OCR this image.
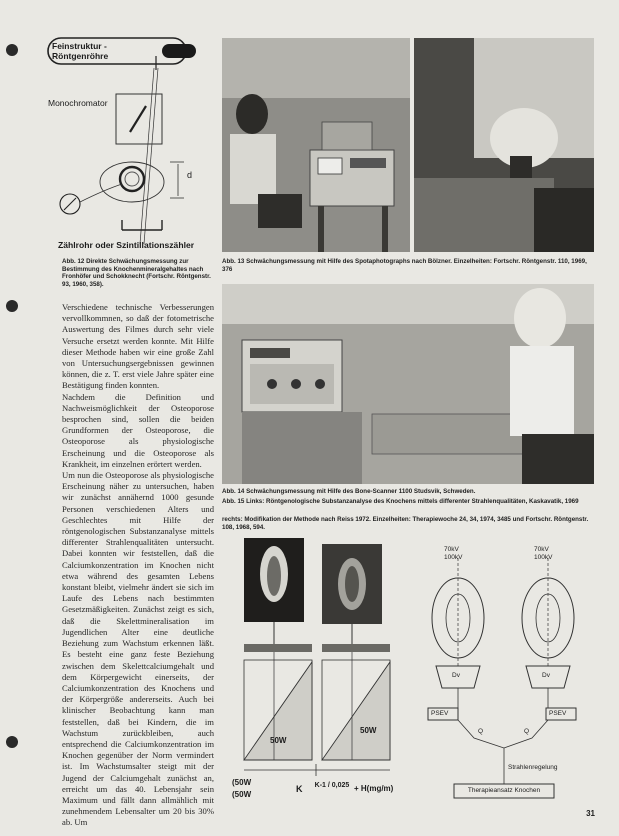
Feinstruktur -
Röntgenröhre
Monochromator
d
Zählrohr oder Szintillationszähler
Abb. 12 Direkte Schwächungsmessung zur Bestimmung des Knochenmineralgehaltes nach Fronhöfer und Schokknecht (Fortschr. Röntgenstr. 93, 1960, 358).
Abb. 13 Schwächungsmessung mit Hilfe des Spotaphotographs nach Bölzner. Einzelheiten: Fortschr. Röntgenstr. 110, 1969, 376
Abb. 14 Schwächungsmessung mit Hilfe des Bone-Scanner 1100 Studsvik, Schweden.
Abb. 15 Links: Röntgenologische Substanzanalyse des Knochens mittels differenter Strahlenqualitäten, Kaskavatik, 1969
rechts: Modifikation der Methode nach Reiss 1972. Einzelheiten: Therapiewoche 24, 34, 1974, 3485 und Fortschr. Röntgenstr. 108, 1968, 594.
50W
50W
(50W
(50W
K	K-1 / 0,025 + H(mg/m)
70kV
100kV
70kV
100kV
Dv	Dv
PSEV	PSEV
Q	Q
Strahlenregelung
Therapieansatz Knochen

Verschiedene technische Verbesserungen vervollkommnen, so daß der fotometrische Auswertung des Filmes durch sehr viele Versuche ersetzt werden konnte. Mit Hilfe dieser Methode haben wir eine große Zahl von Untersuchungsergebnissen gewinnen können, die z. T. erst viele Jahre später eine Bestätigung finden konnten.

Nachdem die Definition und Nachweismöglichkeit der Osteoporose besprochen sind, sollen die beiden Grundformen der Osteoporose, die Osteoporose als physiologische Erscheinung und die Osteoporose als Krankheit, im einzelnen erörtert werden.

Um nun die Osteoporose als physiologische Erscheinung näher zu untersuchen, haben wir zunächst annähernd 1000 gesunde Personen verschiedenen Alters und Geschlechtes mit Hilfe der röntgenologischen Substanzanalyse mittels differenter Strahlenqualitäten untersucht. Dabei konnten wir feststellen, daß die Calciumkonzentration im Knochen nicht etwa während des gesamten Lebens konstant bleibt, vielmehr ändert sie sich im Laufe des Lebens nach bestimmten Gesetzmäßigkeiten. Zunächst zeigt es sich, daß die Skelettmineralisation im Jugendlichen Alter eine deutliche Beziehung zum Wachstum erkennen läßt. Es besteht eine ganz feste Beziehung zwischen dem Skelettcalciumgehalt und dem Körpergewicht einerseits, der Calciumkonzentration des Knochens und der Körpergröße andererseits. Auch bei klinischer Beobachtung kann man feststellen, daß bei Kindern, die im Wachstum zurückbleiben, auch entsprechend die Calciumkonzentration im Knochen gegenüber der Norm vermindert ist. Im Wachstumsalter steigt mit der Jugend der Calciumgehalt zunächst an, erreicht um das 40. Lebensjahr sein Maximum und fällt dann allmählich mit zunehmendem Lebensalter um 20 bis 30% ab. Um

31
